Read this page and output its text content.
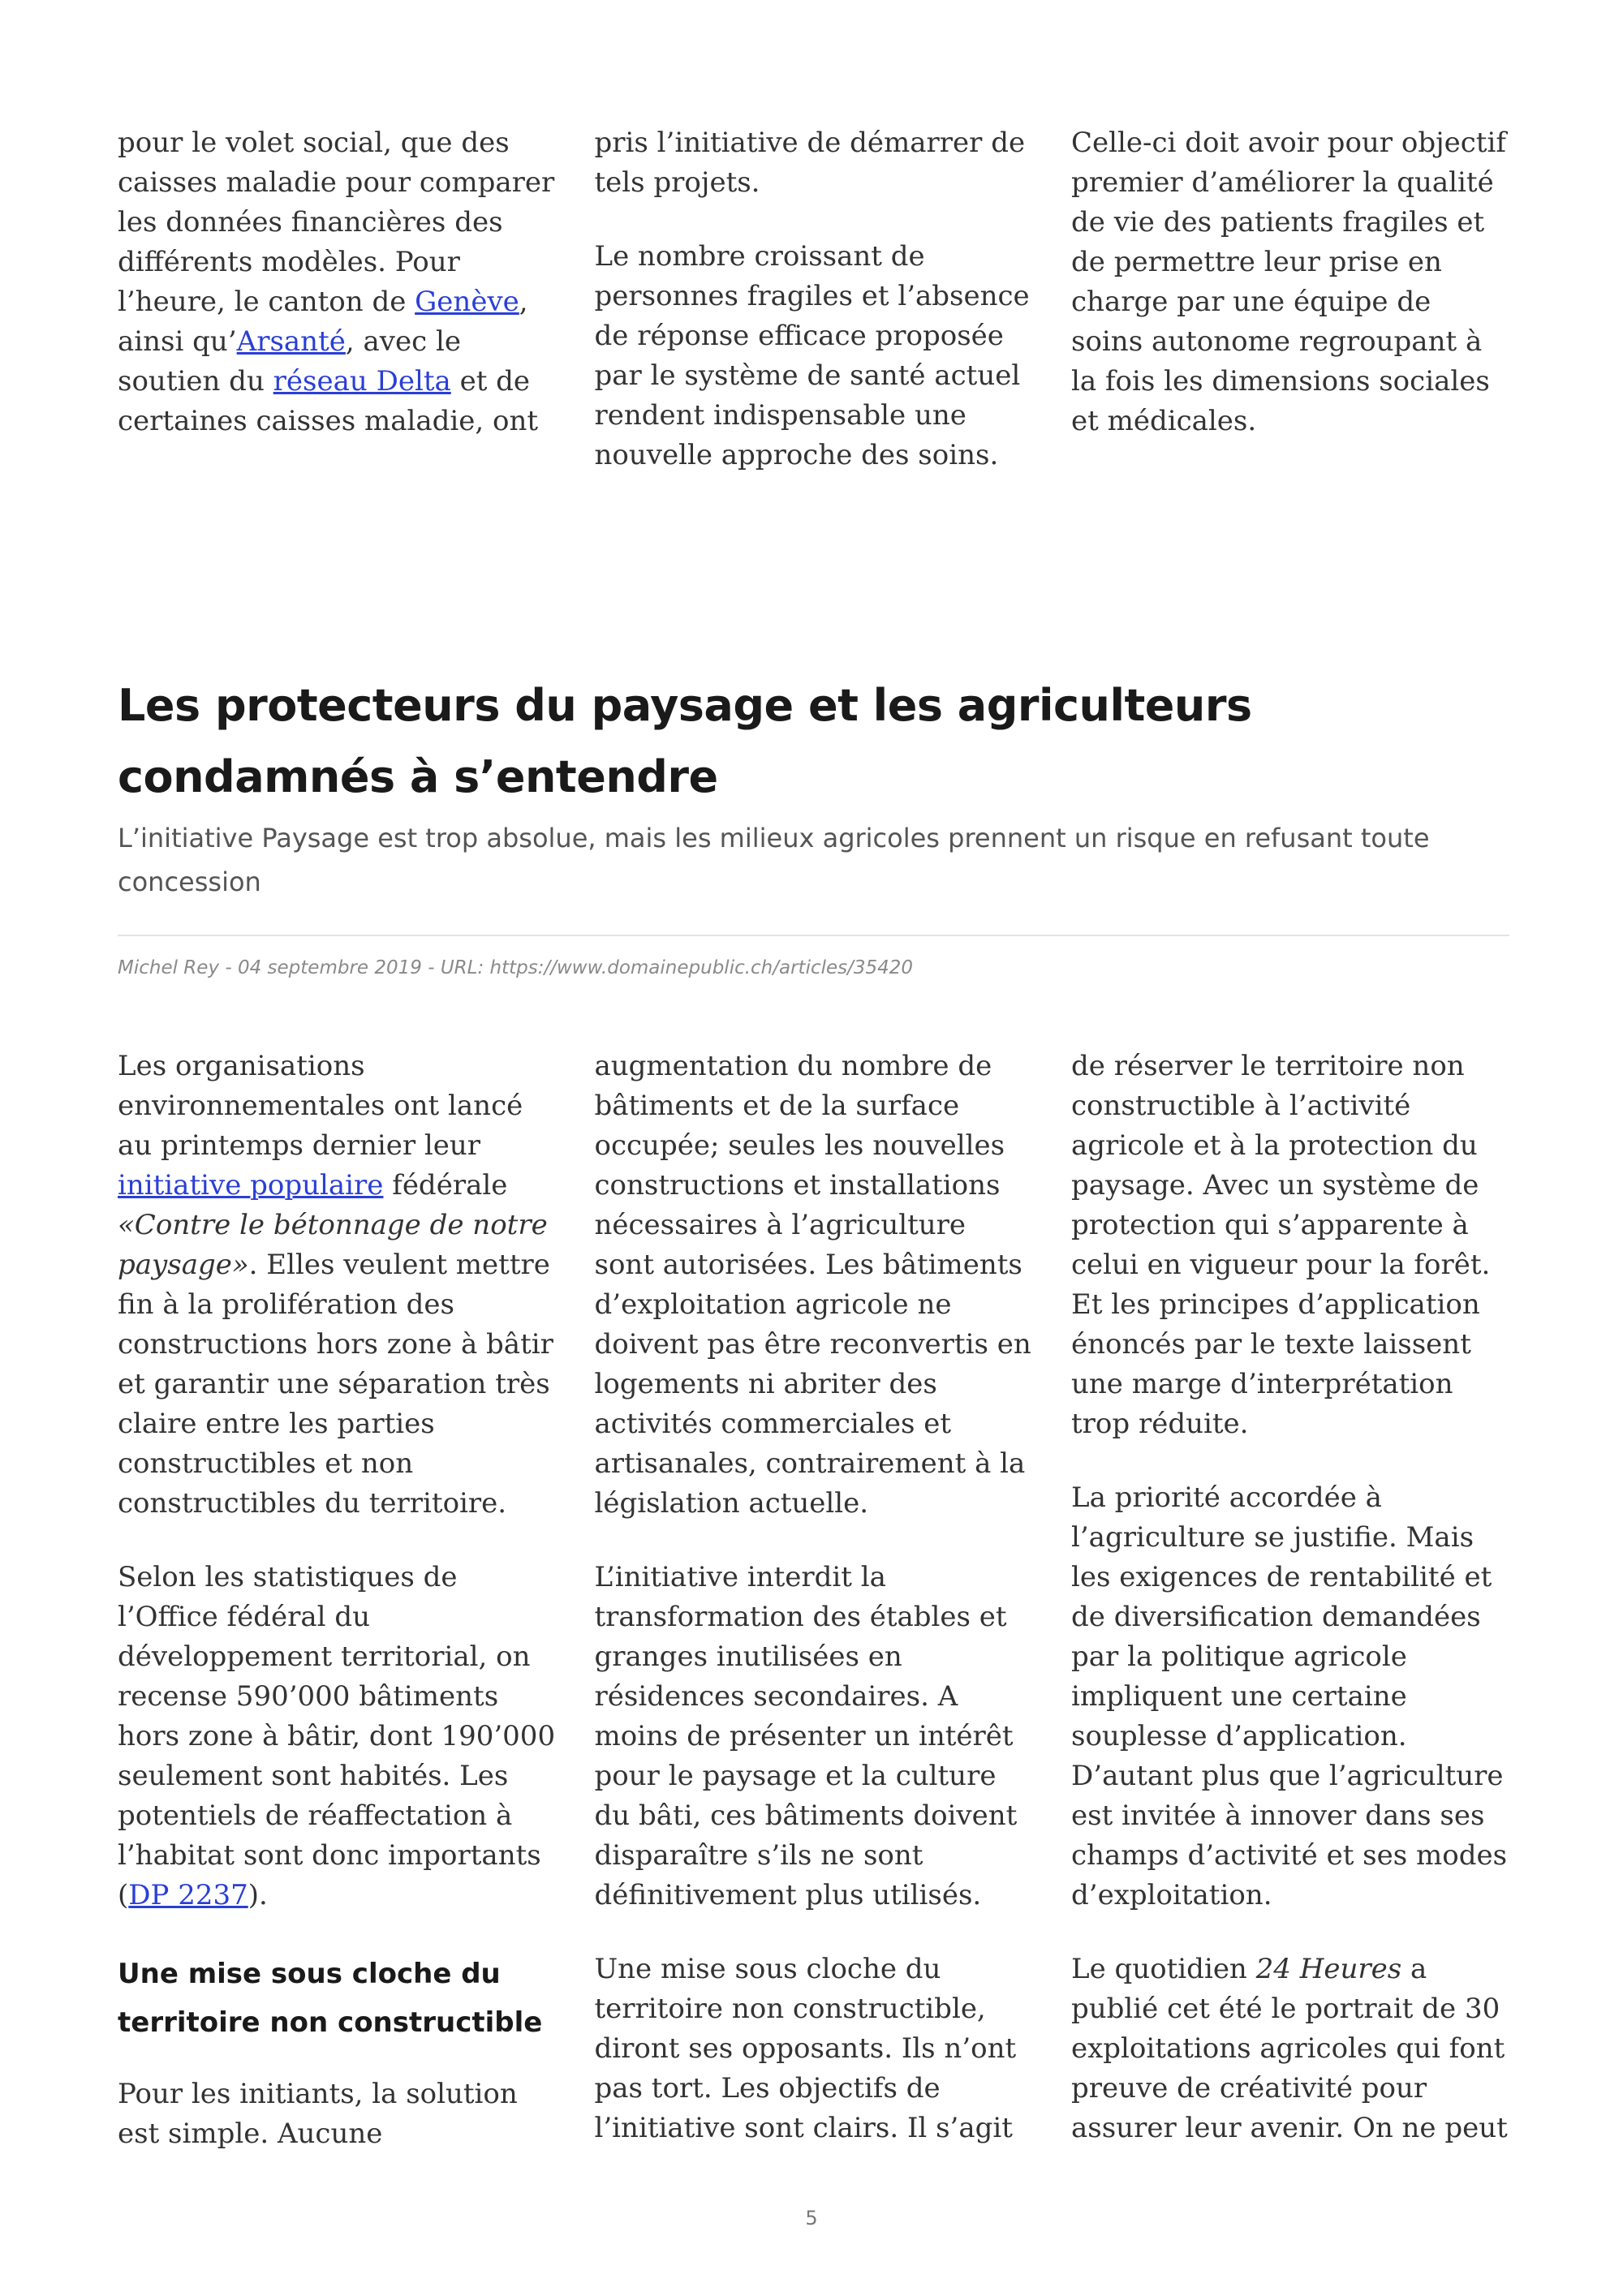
pour le volet social, que des caisses maladie pour comparer les données financières des différents modèles. Pour l’heure, le canton de Genève, ainsi qu’Arsanté, avec le soutien du réseau Delta et de certaines caisses maladie, ont

pris l’initiative de démarrer de tels projets.

Le nombre croissant de personnes fragiles et l’absence de réponse efficace proposée par le système de santé actuel rendent indispensable une nouvelle approche des soins.

Celle-ci doit avoir pour objectif premier d’améliorer la qualité de vie des patients fragiles et de permettre leur prise en charge par une équipe de soins autonome regroupant à la fois les dimensions sociales et médicales.

Les protecteurs du paysage et les agriculteurs condamnés à s’entendre

L’initiative Paysage est trop absolue, mais les milieux agricoles prennent un risque en refusant toute concession

Michel Rey - 04 septembre 2019 - URL: https://www.domainepublic.ch/articles/35420

Les organisations environnementales ont lancé au printemps dernier leur initiative populaire fédérale «Contre le bétonnage de notre paysage». Elles veulent mettre fin à la prolifération des constructions hors zone à bâtir et garantir une séparation très claire entre les parties constructibles et non constructibles du territoire.

Selon les statistiques de l’Office fédéral du développement territorial, on recense 590’000 bâtiments hors zone à bâtir, dont 190’000 seulement sont habités. Les potentiels de réaffectation à l’habitat sont donc importants (DP 2237).

Une mise sous cloche du territoire non constructible

Pour les initiants, la solution est simple. Aucune

augmentation du nombre de bâtiments et de la surface occupée; seules les nouvelles constructions et installations nécessaires à l’agriculture sont autorisées. Les bâtiments d’exploitation agricole ne doivent pas être reconvertis en logements ni abriter des activités commerciales et artisanales, contrairement à la législation actuelle.

L’initiative interdit la transformation des étables et granges inutilisées en résidences secondaires. A moins de présenter un intérêt pour le paysage et la culture du bâti, ces bâtiments doivent disparaître s’ils ne sont définitivement plus utilisés.

Une mise sous cloche du territoire non constructible, diront ses opposants. Ils n’ont pas tort. Les objectifs de l’initiative sont clairs. Il s’agit

de réserver le territoire non constructible à l’activité agricole et à la protection du paysage. Avec un système de protection qui s’apparente à celui en vigueur pour la forêt. Et les principes d’application énoncés par le texte laissent une marge d’interprétation trop réduite.

La priorité accordée à l’agriculture se justifie. Mais les exigences de rentabilité et de diversification demandées par la politique agricole impliquent une certaine souplesse d’application. D’autant plus que l’agriculture est invitée à innover dans ses champs d’activité et ses modes d’exploitation.

Le quotidien 24 Heures a publié cet été le portrait de 30 exploitations agricoles qui font preuve de créativité pour assurer leur avenir. On ne peut

5
